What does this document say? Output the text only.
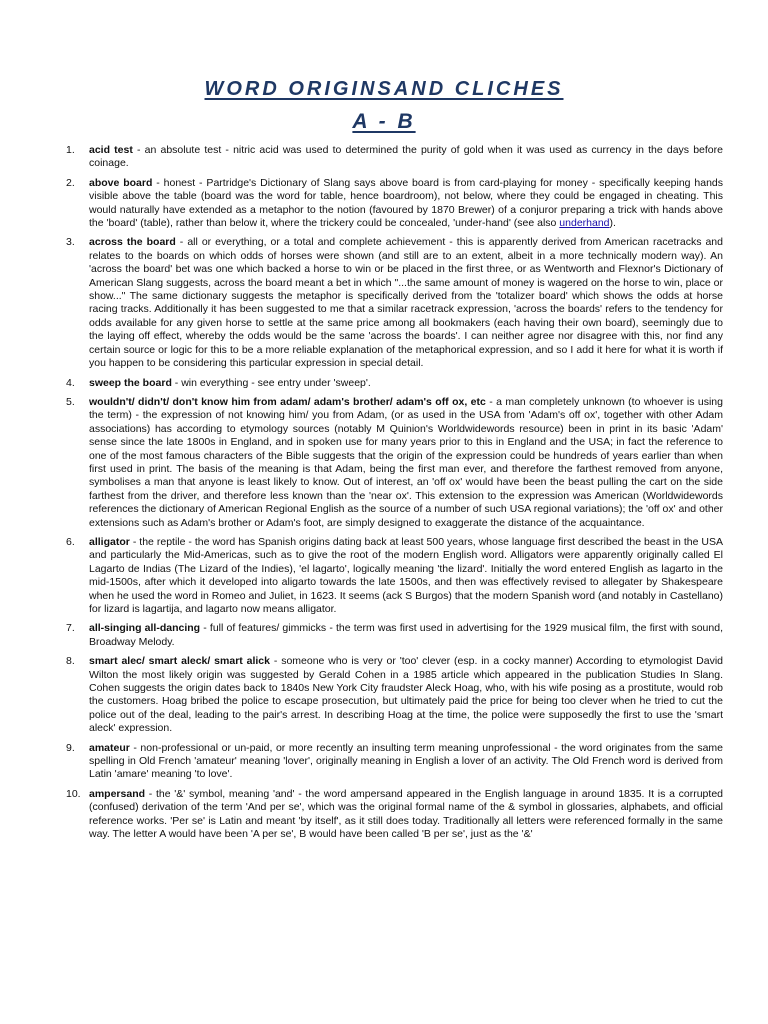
WORD ORIGINSAND CLICHES
A - B
1. acid test - an absolute test - nitric acid was used to determined the purity of gold when it was used as currency in the days before coinage.
2. above board - honest - Partridge's Dictionary of Slang says above board is from card-playing for money - specifically keeping hands visible above the table (board was the word for table, hence boardroom), not below, where they could be engaged in cheating. This would naturally have extended as a metaphor to the notion (favoured by 1870 Brewer) of a conjuror preparing a trick with hands above the 'board' (table), rather than below it, where the trickery could be concealed, 'under-hand' (see also underhand).
3. across the board - all or everything, or a total and complete achievement - this is apparently derived from American racetracks and relates to the boards on which odds of horses were shown (and still are to an extent, albeit in a more technically modern way). An 'across the board' bet was one which backed a horse to win or be placed in the first three, or as Wentworth and Flexnor's Dictionary of American Slang suggests, across the board meant a bet in which "...the same amount of money is wagered on the horse to win, place or show..." The same dictionary suggests the metaphor is specifically derived from the 'totalizer board' which shows the odds at horse racing tracks. Additionally it has been suggested to me that a similar racetrack expression, 'across the boards' refers to the tendency for odds available for any given horse to settle at the same price among all bookmakers (each having their own board), seemingly due to the laying off effect, whereby the odds would be the same 'across the boards'. I can neither agree nor disagree with this, nor find any certain source or logic for this to be a more reliable explanation of the metaphorical expression, and so I add it here for what it is worth if you happen to be considering this particular expression in special detail.
4. sweep the board - win everything - see entry under 'sweep'.
5. wouldn't/ didn't/ don't know him from adam/ adam's brother/ adam's off ox, etc - a man completely unknown (to whoever is using the term) - the expression of not knowing him/ you from Adam, (or as used in the USA from 'Adam's off ox', together with other Adam associations) has according to etymology sources (notably M Quinion's Worldwidewords resource) been in print in its basic 'Adam' sense since the late 1800s in England, and in spoken use for many years prior to this in England and the USA; in fact the reference to one of the most famous characters of the Bible suggests that the origin of the expression could be hundreds of years earlier than when first used in print. The basis of the meaning is that Adam, being the first man ever, and therefore the farthest removed from anyone, symbolises a man that anyone is least likely to know. Out of interest, an 'off ox' would have been the beast pulling the cart on the side farthest from the driver, and therefore less known than the 'near ox'. This extension to the expression was American (Worldwidewords references the dictionary of American Regional English as the source of a number of such USA regional variations); the 'off ox' and other extensions such as Adam's brother or Adam's foot, are simply designed to exaggerate the distance of the acquaintance.
6. alligator - the reptile - the word has Spanish origins dating back at least 500 years, whose language first described the beast in the USA and particularly the Mid-Americas, such as to give the root of the modern English word. Alligators were apparently originally called El Lagarto de Indias (The Lizard of the Indies), 'el lagarto', logically meaning 'the lizard'. Initially the word entered English as lagarto in the mid-1500s, after which it developed into aligarto towards the late 1500s, and then was effectively revised to allegater by Shakespeare when he used the word in Romeo and Juliet, in 1623. It seems (ack S Burgos) that the modern Spanish word (and notably in Castellano) for lizard is lagartija, and lagarto now means alligator.
7. all-singing all-dancing - full of features/ gimmicks - the term was first used in advertising for the 1929 musical film, the first with sound, Broadway Melody.
8. smart alec/ smart aleck/ smart alick - someone who is very or 'too' clever (esp. in a cocky manner) According to etymologist David Wilton the most likely origin was suggested by Gerald Cohen in a 1985 article which appeared in the publication Studies In Slang. Cohen suggests the origin dates back to 1840s New York City fraudster Aleck Hoag, who, with his wife posing as a prostitute, would rob the customers. Hoag bribed the police to escape prosecution, but ultimately paid the price for being too clever when he tried to cut the police out of the deal, leading to the pair's arrest. In describing Hoag at the time, the police were supposedly the first to use the 'smart aleck' expression.
9. amateur - non-professional or un-paid, or more recently an insulting term meaning unprofessional - the word originates from the same spelling in Old French 'amateur' meaning 'lover', originally meaning in English a lover of an activity. The Old French word is derived from Latin 'amare' meaning 'to love'.
10. ampersand - the '&' symbol, meaning 'and' - the word ampersand appeared in the English language in around 1835. It is a corrupted (confused) derivation of the term 'And per se', which was the original formal name of the & symbol in glossaries, alphabets, and official reference works. 'Per se' is Latin and meant 'by itself', as it still does today. Traditionally all letters were referenced formally in the same way. The letter A would have been 'A per se', B would have been called 'B per se', just as the '&'
